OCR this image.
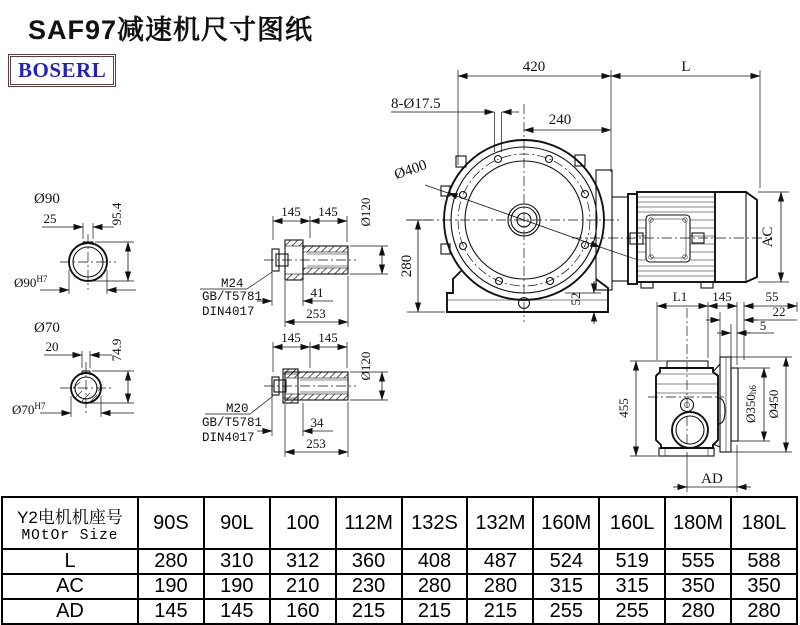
SAF97减速机尺寸图纸
BOSERL
Ø90
25	95.4
$Ø90^{H7}$
Ø70
20	74.9
$Ø70^{H7}$
145 145 Ø120
M24
GB/T5781
DIN4017
41
253
145 145
Ø120
M20
GB/T5781
DIN4017
34
253
420	L
240
8-Ø17.5
Ø400
280
52
AC
L1 145	55
22
5
455	Ø350h6 Ø450
AD
Y2电机机座号
MOtOr Size	90S	90L	100	112M	132S	132M	160M	160L	180M	180L
L	280	310	312	360	408	487	524	519	555	588
AC	190	190	210	230	280	280	315	315	350	350
AD	145	145	160	215	215	215	255	255	280	280
